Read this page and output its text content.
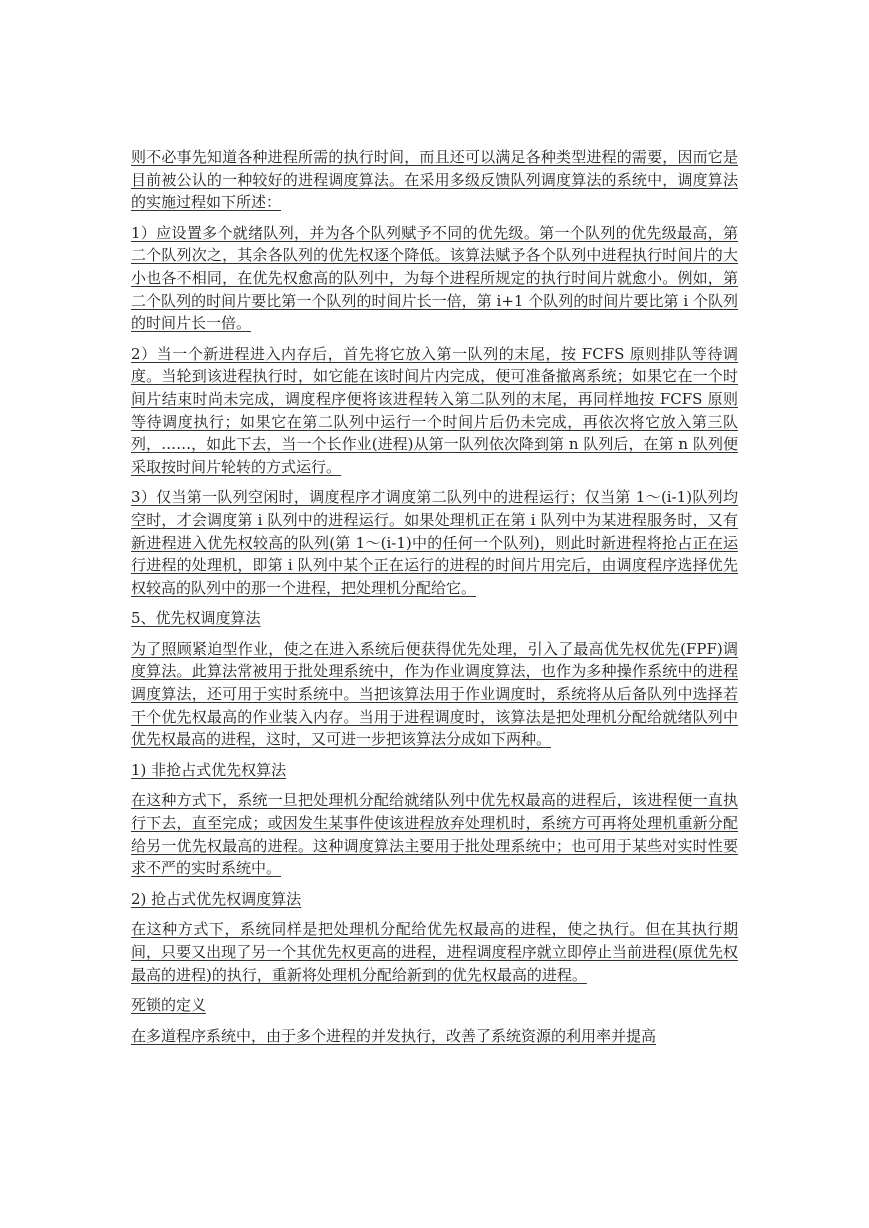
则不必事先知道各种进程所需的执行时间，而且还可以满足各种类型进程的需要，因而它是目前被公认的一种较好的进程调度算法。在采用多级反馈队列调度算法的系统中，调度算法的实施过程如下所述：

1）应设置多个就绪队列，并为各个队列赋予不同的优先级。第一个队列的优先级最高，第二个队列次之，其余各队列的优先权逐个降低。该算法赋予各个队列中进程执行时间片的大小也各不相同，在优先权愈高的队列中，为每个进程所规定的执行时间片就愈小。例如，第二个队列的时间片要比第一个队列的时间片长一倍，第 i+1 个队列的时间片要比第 i 个队列的时间片长一倍。

2）当一个新进程进入内存后，首先将它放入第一队列的末尾，按 FCFS 原则排队等待调度。当轮到该进程执行时，如它能在该时间片内完成，便可准备撤离系统；如果它在一个时间片结束时尚未完成，调度程序便将该进程转入第二队列的末尾，再同样地按 FCFS 原则等待调度执行；如果它在第二队列中运行一个时间片后仍未完成，再依次将它放入第三队列，……，如此下去，当一个长作业(进程)从第一队列依次降到第 n 队列后，在第 n 队列便采取按时间片轮转的方式运行。

3）仅当第一队列空闲时，调度程序才调度第二队列中的进程运行；仅当第 1～(i-1)队列均空时，才会调度第 i 队列中的进程运行。如果处理机正在第 i 队列中为某进程服务时，又有新进程进入优先权较高的队列(第 1～(i-1)中的任何一个队列)，则此时新进程将抢占正在运行进程的处理机，即第 i 队列中某个正在运行的进程的时间片用完后，由调度程序选择优先权较高的队列中的那一个进程，把处理机分配给它。

5、优先权调度算法

为了照顾紧迫型作业，使之在进入系统后便获得优先处理，引入了最高优先权优先(FPF)调度算法。此算法常被用于批处理系统中，作为作业调度算法，也作为多种操作系统中的进程调度算法，还可用于实时系统中。当把该算法用于作业调度时，系统将从后备队列中选择若干个优先权最高的作业装入内存。当用于进程调度时，该算法是把处理机分配给就绪队列中优先权最高的进程，这时，又可进一步把该算法分成如下两种。

1) 非抢占式优先权算法

在这种方式下，系统一旦把处理机分配给就绪队列中优先权最高的进程后，该进程便一直执行下去，直至完成；或因发生某事件使该进程放弃处理机时，系统方可再将处理机重新分配给另一优先权最高的进程。这种调度算法主要用于批处理系统中；也可用于某些对实时性要求不严的实时系统中。

2) 抢占式优先权调度算法

在这种方式下，系统同样是把处理机分配给优先权最高的进程，使之执行。但在其执行期间，只要又出现了另一个其优先权更高的进程，进程调度程序就立即停止当前进程(原优先权最高的进程)的执行，重新将处理机分配给新到的优先权最高的进程。

死锁的定义

在多道程序系统中，由于多个进程的并发执行，改善了系统资源的利用率并提高
